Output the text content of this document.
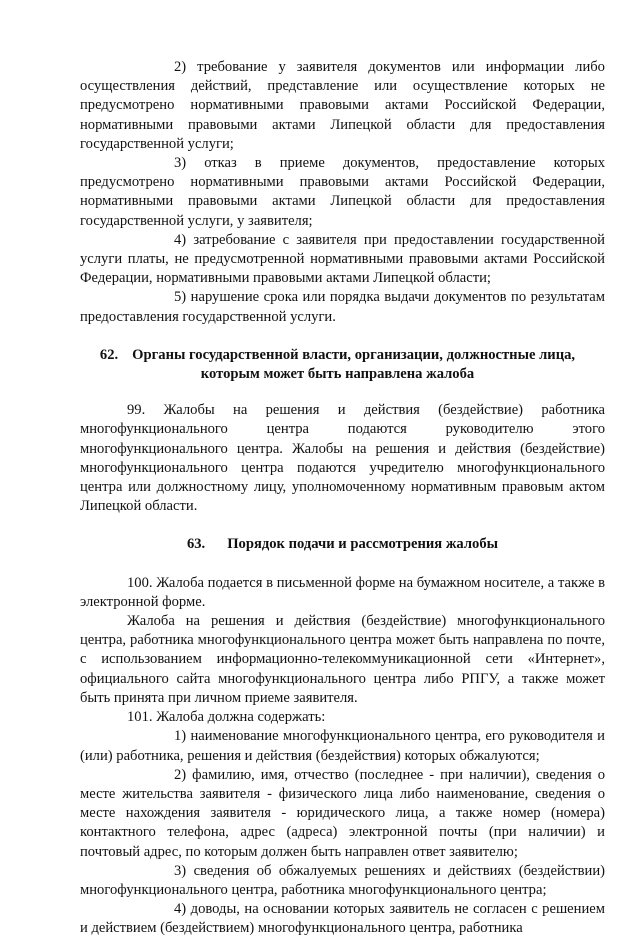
2) требование у заявителя документов или информации либо осуществления действий, представление или осуществление которых не предусмотрено нормативными правовыми актами Российской Федерации, нормативными правовыми актами Липецкой области для предоставления государственной услуги;

3) отказ в приеме документов, предоставление которых предусмотрено нормативными правовыми актами Российской Федерации, нормативными правовыми актами Липецкой области для предоставления государственной услуги, у заявителя;

4) затребование с заявителя при предоставлении государственной услуги платы, не предусмотренной нормативными правовыми актами Российской Федерации, нормативными правовыми актами Липецкой области;

5) нарушение срока или порядка выдачи документов по результатам предоставления государственной услуги.

62. Органы государственной власти, организации, должностные лица, которым может быть направлена жалоба

99. Жалобы на решения и действия (бездействие) работника многофункционального центра подаются руководителю этого многофункционального центра. Жалобы на решения и действия (бездействие) многофункционального центра подаются учредителю многофункционального центра или должностному лицу, уполномоченному нормативным правовым актом Липецкой области.

63. Порядок подачи и рассмотрения жалобы

100. Жалоба подается в письменной форме на бумажном носителе, а также в электронной форме.

Жалоба на решения и действия (бездействие) многофункционального центра, работника многофункционального центра может быть направлена по почте, с использованием информационно-телекоммуникационной сети «Интернет», официального сайта многофункционального центра либо РПГУ, а также может быть принята при личном приеме заявителя.

101. Жалоба должна содержать:

1) наименование многофункционального центра, его руководителя и (или) работника, решения и действия (бездействия) которых обжалуются;

2) фамилию, имя, отчество (последнее - при наличии), сведения о месте жительства заявителя - физического лица либо наименование, сведения о месте нахождения заявителя - юридического лица, а также номер (номера) контактного телефона, адрес (адреса) электронной почты (при наличии) и почтовый адрес, по которым должен быть направлен ответ заявителю;

3) сведения об обжалуемых решениях и действиях (бездействии) многофункционального центра, работника многофункционального центра;

4) доводы, на основании которых заявитель не согласен с решением и действием (бездействием) многофункционального центра, работника
